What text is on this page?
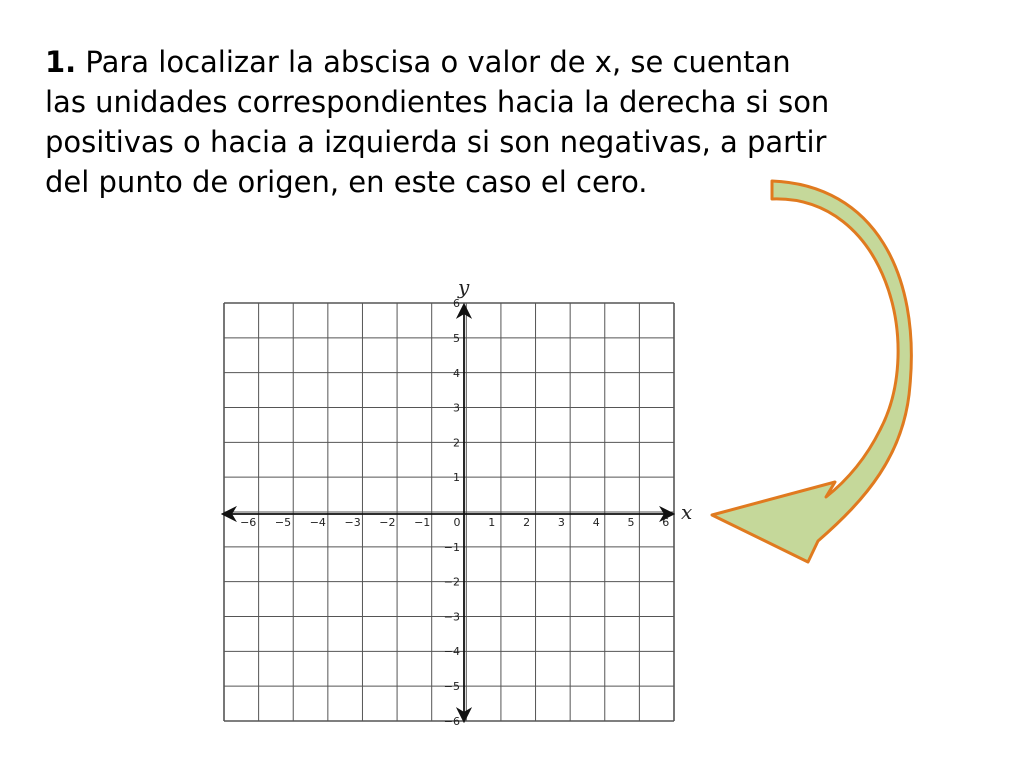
1. Para localizar la abscisa o valor de x, se cuentan
las unidades correspondientes hacia la derecha si son
positivas o hacia a izquierda si son negativas, a partir
del punto de origen, en este caso el cero.

−6 −5 −4 −3 −2 −1 0	1	2	3	4	5	6
6
5
4
3
2
1
−1
−2
−3
−4
−5
−6
x
y
